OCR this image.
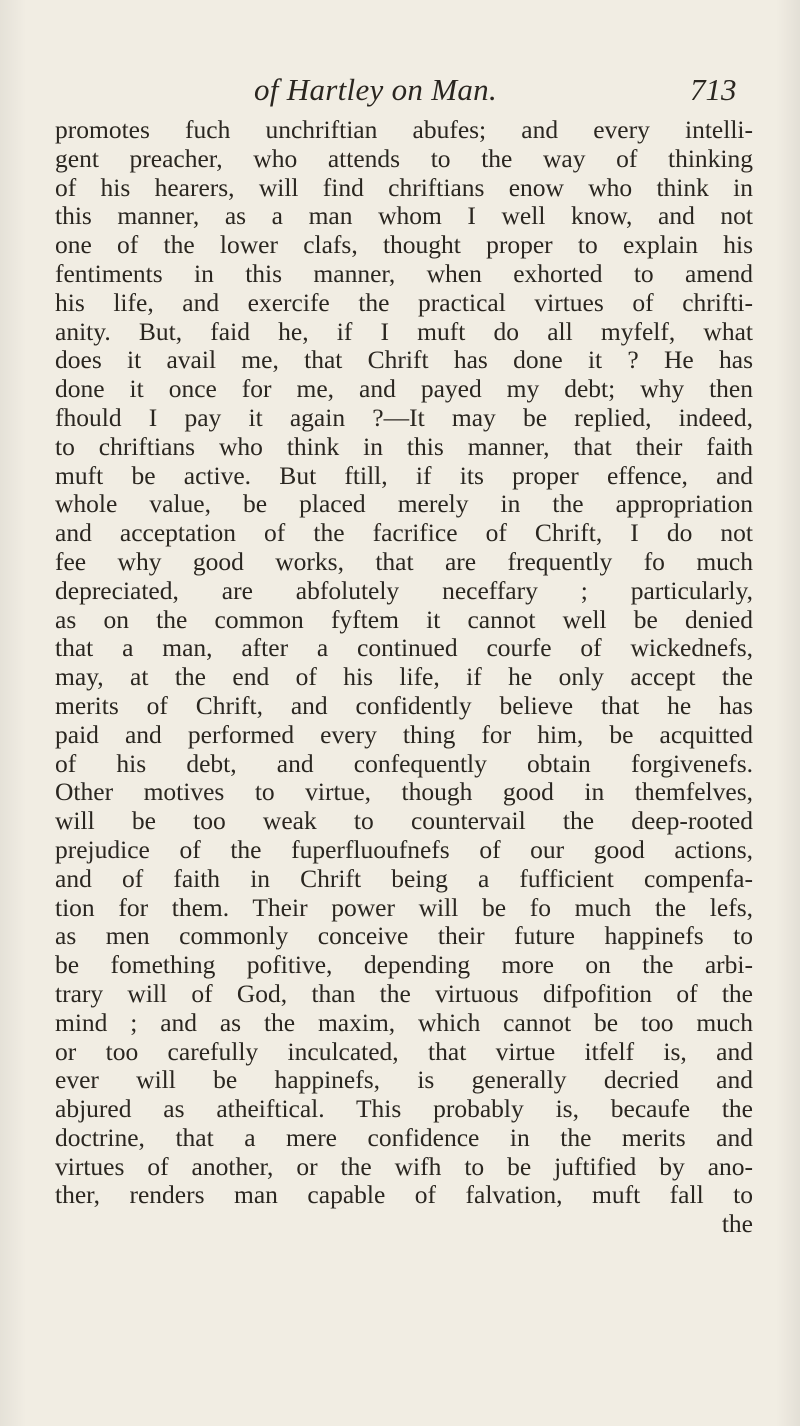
of Hartley on Man.	713
promotes fuch unchriftian abufes; and every intelli-
gent preacher, who attends to the way of thinking
of his hearers, will find chriftians enow who think in
this manner, as a man whom I well know, and not
one of the lower clafs, thought proper to explain his
fentiments in this manner, when exhorted to amend
his life, and exercife the practical virtues of chrifti-
anity. But, faid he, if I muft do all myfelf, what
does it avail me, that Chrift has done it ? He has
done it once for me, and payed my debt; why then
fhould I pay it again ?—It may be replied, indeed,
to chriftians who think in this manner, that their faith
muft be active. But ftill, if its proper effence, and
whole value, be placed merely in the appropriation
and acceptation of the facrifice of Chrift, I do not
fee why good works, that are frequently fo much
depreciated, are abfolutely neceffary ; particularly,
as on the common fyftem it cannot well be denied
that a man, after a continued courfe of wickednefs,
may, at the end of his life, if he only accept the
merits of Chrift, and confidently believe that he has
paid and performed every thing for him, be acquitted
of his debt, and confequently obtain forgivenefs.
Other motives to virtue, though good in themfelves,
will be too weak to countervail the deep-rooted
prejudice of the fuperfluoufnefs of our good actions,
and of faith in Chrift being a fufficient compenfa-
tion for them. Their power will be fo much the lefs,
as men commonly conceive their future happinefs to
be fomething pofitive, depending more on the arbi-
trary will of God, than the virtuous difpofition of the
mind ; and as the maxim, which cannot be too much
or too carefully inculcated, that virtue itfelf is, and
ever will be happinefs, is generally decried and
abjured as atheiftical. This probably is, becaufe the
doctrine, that a mere confidence in the merits and
virtues of another, or the wifh to be juftified by ano-
ther, renders man capable of falvation, muft fall to
the
